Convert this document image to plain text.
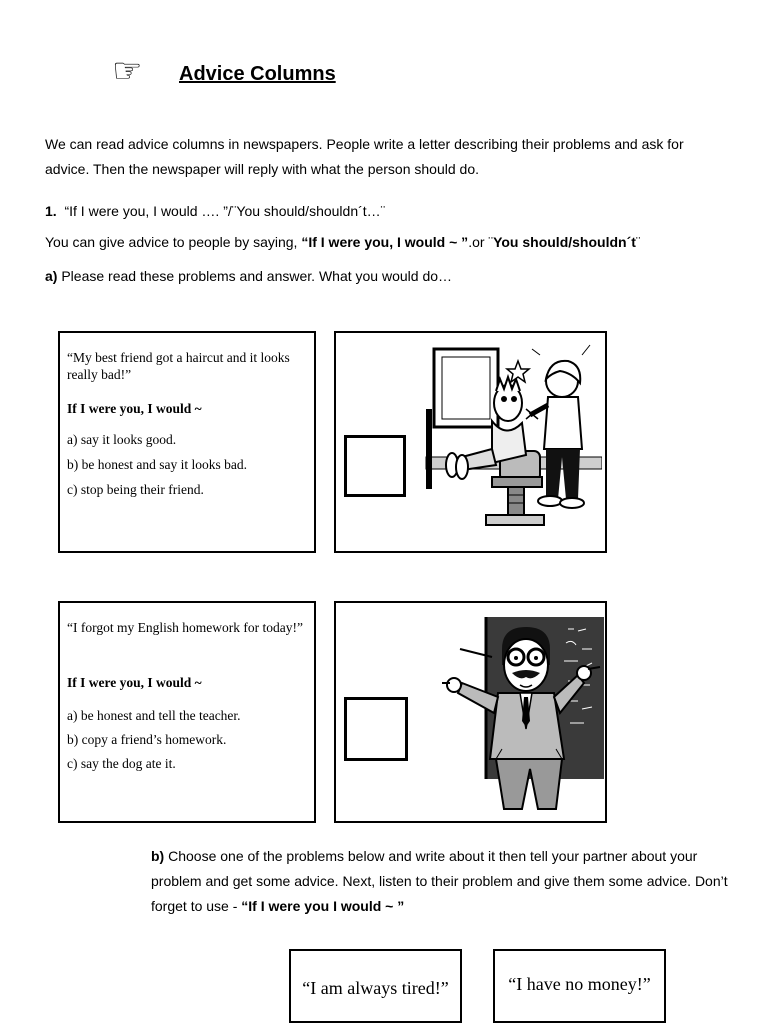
☞ Advice Columns
We can read advice columns in newspapers. People write a letter describing their problems and ask for
advice. Then the newspaper will reply with what the person should do.
1. “If I were you, I would …. ”/¨You should/shouldn´t…¨
You can give advice to people by saying, “If I were you, I would ~ ”.or ¨You should/shouldn´t¨
a) Please read these problems and answer. What you would do…
“My best friend got a haircut and it looks really bad!”
If I were you, I would ~
a) say it looks good.
b) be honest and say it looks bad.
c) stop being their friend.
“I forgot my English homework for today!”
If I were you, I would ~
a) be honest and tell the teacher.
b) copy a friend’s homework.
c) say the dog ate it.
b) Choose one of the problems below and write about it then tell your partner about your
problem and get some advice. Next, listen to their problem and give them some advice. Don’t
forget to use - “If I were you I would ~ ”
“I am always tired!”	“I have no money!”
